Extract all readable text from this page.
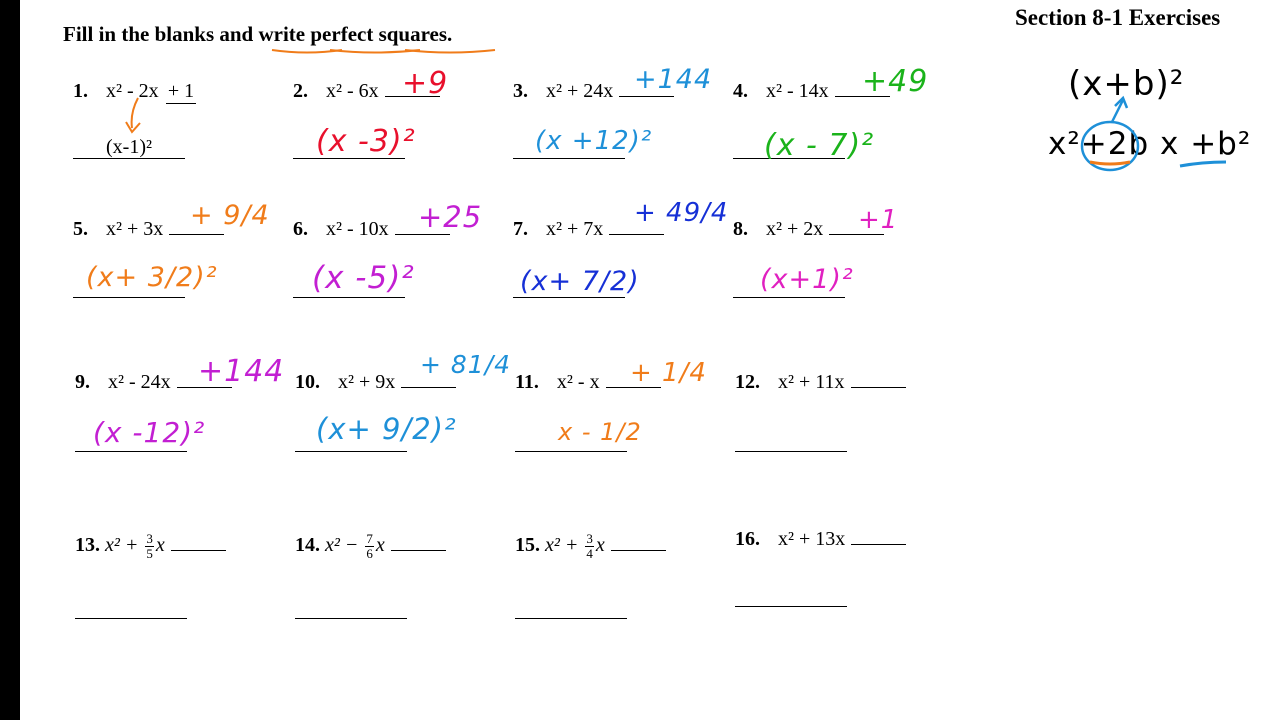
Fill in the blanks and write perfect squares.
1. x² - 2x + 1
(x-1)²
2. x² - 6x +9
(x -3)²
3. x² + 24x +144
(x +12)²
4. x² - 14x	+49
(x - 7)²
5. x² + 3x + 9/4
(x+ 3/2)²
6. x² - 10x	+25
(x -5)²
7. x² + 7x
+ 49/4
(x+ 7/2)
8. x² + 2x	+1
(x+1)²
9. x² - 24x +144
(x -12)²
10. x² + 9x
+ 81/4
(x+ 9/2)²
11. x² - x	+ 1/4
x - 1/2
12. x² + 11x
13. $x^2 + \frac{3}{5}$ x	14. $x^2 - \frac{7}{6}$ x	15. $x^2 + \frac{3}{4}$ x	16. x² + 13x
(x+b)²
x²+2b x +b²
Section 8-1 Exercises
